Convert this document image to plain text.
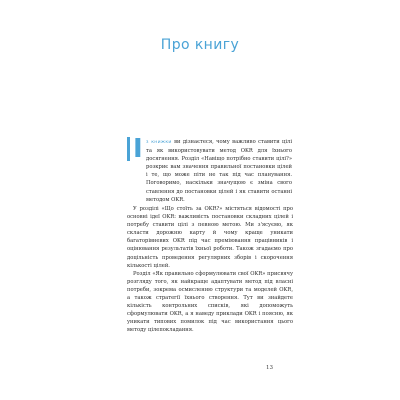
Про книгу
І з книжки ви дізнаєтеся, чому важливо ставити цілі та як використовувати метод OKR для їхнього досягнення. Розділ «Навіщо потрібно ставити цілі?» розкриє вам значення правильної постановки цілей і те, що може піти не так під час планування. Поговоримо, наскільки значущою є зміна свого ставлення до постановки цілей і як ставити останні методом OKR.

У розділі «Що стоїть за OKR?» містяться відомості про основні ідеї OKR: важливість постановки складних цілей і потребу ставити цілі з певною метою. Ми з'ясуємо, як скласти дорожню карту й чому краще уникати багаторівневих OKR під час преміювання працівників і оцінювання результатів їхньої роботи. Також згадаємо про доцільність проведення регулярних зборів і скорочення кількості цілей.

Розділ «Як правильно сформулювати свої OKR» присвячу розгляду того, як найкраще адаптувати метод під власні потреби, зокрема осмисленню структури та моделей OKR, а також стратегії їхнього створення. Тут ви знайдете кількість контрольних списків, які допоможуть сформулювати OKR, а я наведу приклади OKR і поясню, як уникати типових помилок під час використання цього методу цілепокладання.

13
